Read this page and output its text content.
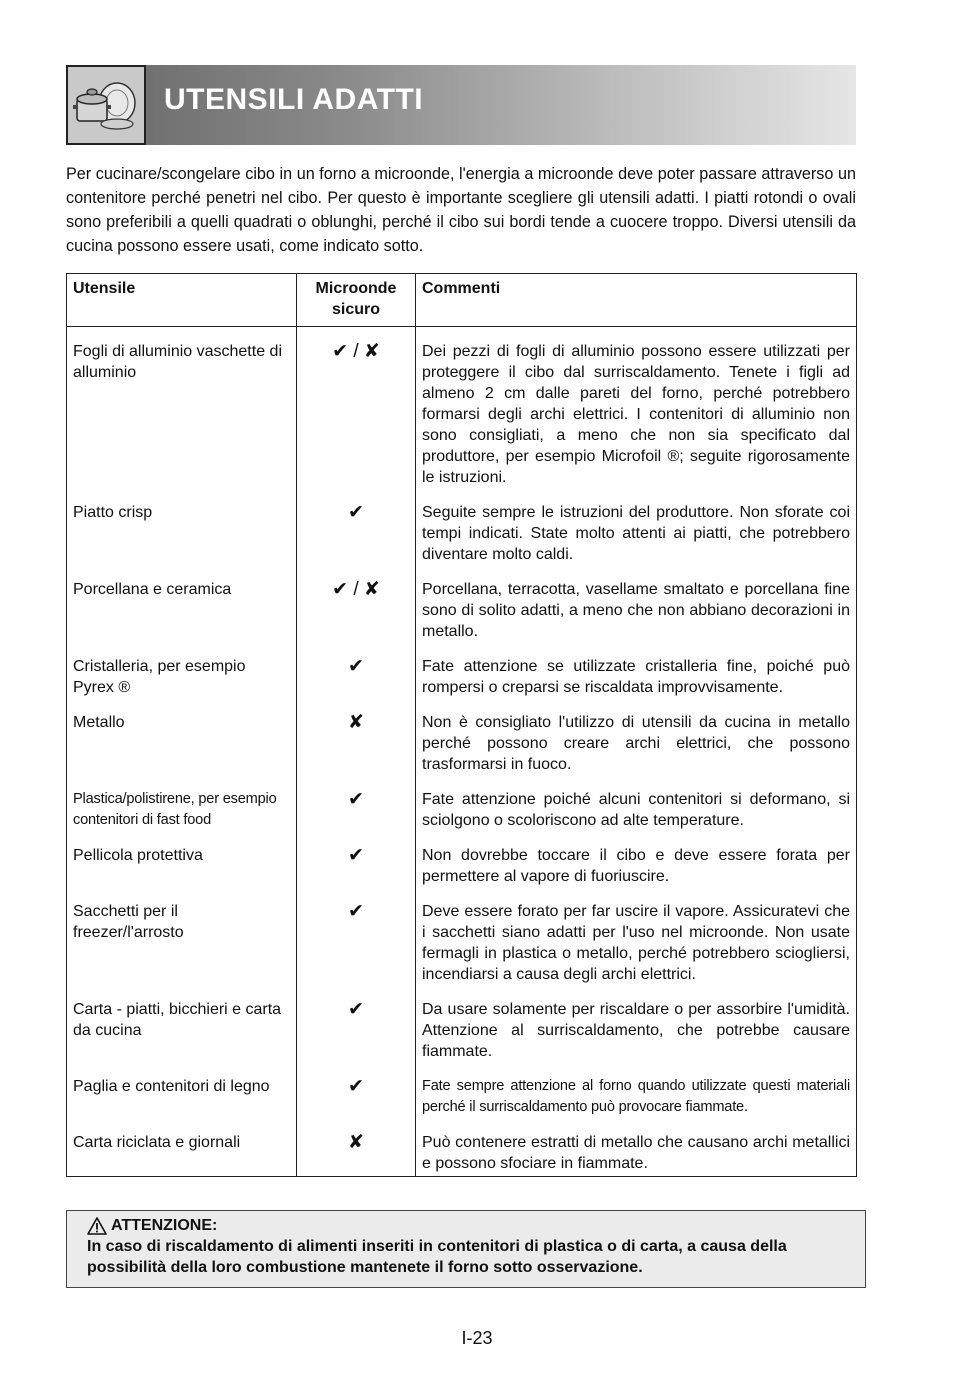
UTENSILI ADATTI

Per cucinare/scongelare cibo in un forno a microonde, l'energia a microonde deve poter passare attraverso un contenitore perché penetri nel cibo. Per questo è importante scegliere gli utensili adatti. I piatti rotondi o ovali sono preferibili a quelli quadrati o oblunghi, perché il cibo sui bordi tende a cuocere troppo. Diversi utensili da cucina possono essere usati, come indicato sotto.

Utensile	Microonde sicuro	Commenti
Fogli di alluminio vaschette di alluminio	✔ / ✘	Dei pezzi di fogli di alluminio possono essere utilizzati per proteggere il cibo dal surriscaldamento. Tenete i figli ad almeno 2 cm dalle pareti del forno, perché potrebbero formarsi degli archi elettrici. I contenitori di alluminio non sono consigliati, a meno che non sia specificato dal produttore, per esempio Microfoil ®; seguite rigorosamente le istruzioni.
Piatto crisp	✔	Seguite sempre le istruzioni del produttore. Non sforate coi tempi indicati. State molto attenti ai piatti, che potrebbero diventare molto caldi.
Porcellana e ceramica	✔ / ✘	Porcellana, terracotta, vasellame smaltato e porcellana fine sono di solito adatti, a meno che non abbiano decorazioni in metallo.
Cristalleria, per esempio Pyrex ®	✔	Fate attenzione se utilizzate cristalleria fine, poiché può rompersi o creparsi se riscaldata improvvisamente.
Metallo	✘	Non è consigliato l'utilizzo di utensili da cucina in metallo perché possono creare archi elettrici, che possono trasformarsi in fuoco.
Plastica/polistirene, per esempio contenitori di fast food	✔	Fate attenzione poiché alcuni contenitori si deformano, si sciolgono o scoloriscono ad alte temperature.
Pellicola protettiva	✔	Non dovrebbe toccare il cibo e deve essere forata per permettere al vapore di fuoriuscire.
Sacchetti per il freezer/l'arrosto	✔	Deve essere forato per far uscire il vapore. Assicuratevi che i sacchetti siano adatti per l'uso nel microonde. Non usate fermagli in plastica o metallo, perché potrebbero sciogliersi, incendiarsi a causa degli archi elettrici.
Carta - piatti, bicchieri e carta da cucina	✔	Da usare solamente per riscaldare o per assorbire l'umidità. Attenzione al surriscaldamento, che potrebbe causare fiammate.
Paglia e contenitori di legno	✔	Fate sempre attenzione al forno quando utilizzate questi materiali perché il surriscaldamento può provocare fiammate.
Carta riciclata e giornali	✘	Può contenere estratti di metallo che causano archi metallici e possono sfociare in fiammate.
ATTENZIONE:
In caso di riscaldamento di alimenti inseriti in contenitori di plastica o di carta, a causa della possibilità della loro combustione mantenete il forno sotto osservazione.
I-23
